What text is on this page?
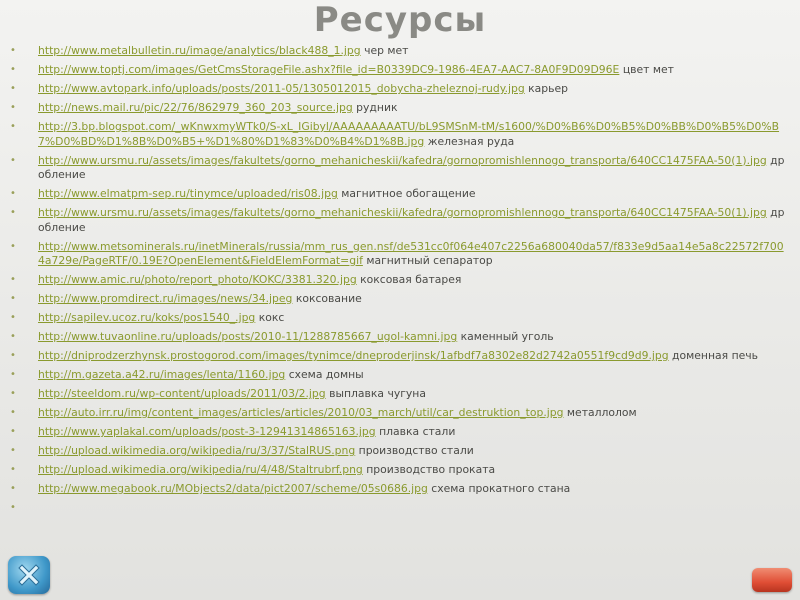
Ресурсы
• http://www.metalbulletin.ru/image/analytics/black488_1.jpg чер мет
• http://www.toptj.com/images/GetCmsStorageFile.ashx?file_id=B0339DC9-1986-4EA7-AAC7-8A0F9D09D96E цвет мет
• http://www.avtopark.info/uploads/posts/2011-05/1305012015_dobycha-zheleznoj-rudy.jpg карьер
• http://news.mail.ru/pic/22/76/862979_360_203_source.jpg рудник
• http://3.bp.blogspot.com/_wKnwxmyWTk0/S-xL_IGibyl/AAAAAAAAATU/bL9SMSnM-tM/s1600/%D0%B6%D0%B5%D0%BB%D0%B5%D0%B7%D0%BD%D1%8B%D0%B5+%D1%80%D1%83%D0%B4%D1%8B.jpg железная руда
• http://www.ursmu.ru/assets/images/fakultets/gorno_mehanicheskii/kafedra/gornopromishlennogo_transporta/640CC1475FAA-50(1).jpg дробление
• http://www.elmatpm-sep.ru/tinymce/uploaded/ris08.jpg магнитное обогащение
• http://www.ursmu.ru/assets/images/fakultets/gorno_mehanicheskii/kafedra/gornopromishlennogo_transporta/640CC1475FAA-50(1).jpg дробление
• http://www.metsominerals.ru/inetMinerals/russia/mm_rus_gen.nsf/de531cc0f064e407c2256a680040da57/f833e9d5aa14e5a8c22572f7004a729e/PageRTF/0.19E?OpenElement&FieldElemFormat=gif магнитный сепаратор
• http://www.amic.ru/photo/report_photo/KOKC/3381.320.jpg коксовая батарея
• http://www.promdirect.ru/images/news/34.jpeg коксование
• http://sapilev.ucoz.ru/koks/pos1540_.jpg кокс
• http://www.tuvaonline.ru/uploads/posts/2010-11/1288785667_ugol-kamni.jpg каменный уголь
• http://dniprodzerzhynsk.prostogorod.com/images/tynimce/dneproderjinsk/1afbdf7a8302e82d2742a0551f9cd9d9.jpg доменная печь
• http://m.gazeta.a42.ru/images/lenta/1160.jpg схема домны
• http://steeldom.ru/wp-content/uploads/2011/03/2.jpg выплавка чугуна
• http://auto.irr.ru/img/content_images/articles/articles/2010/03_march/util/car_destruktion_top.jpg металлолом
• http://www.yaplakal.com/uploads/post-3-12941314865163.jpg плавка стали
• http://upload.wikimedia.org/wikipedia/ru/3/37/StalRUS.png производство стали
• http://upload.wikimedia.org/wikipedia/ru/4/48/Staltrubrf.png производство проката
• http://www.megabook.ru/MObjects2/data/pict2007/scheme/05s0686.jpg схема прокатного стана
